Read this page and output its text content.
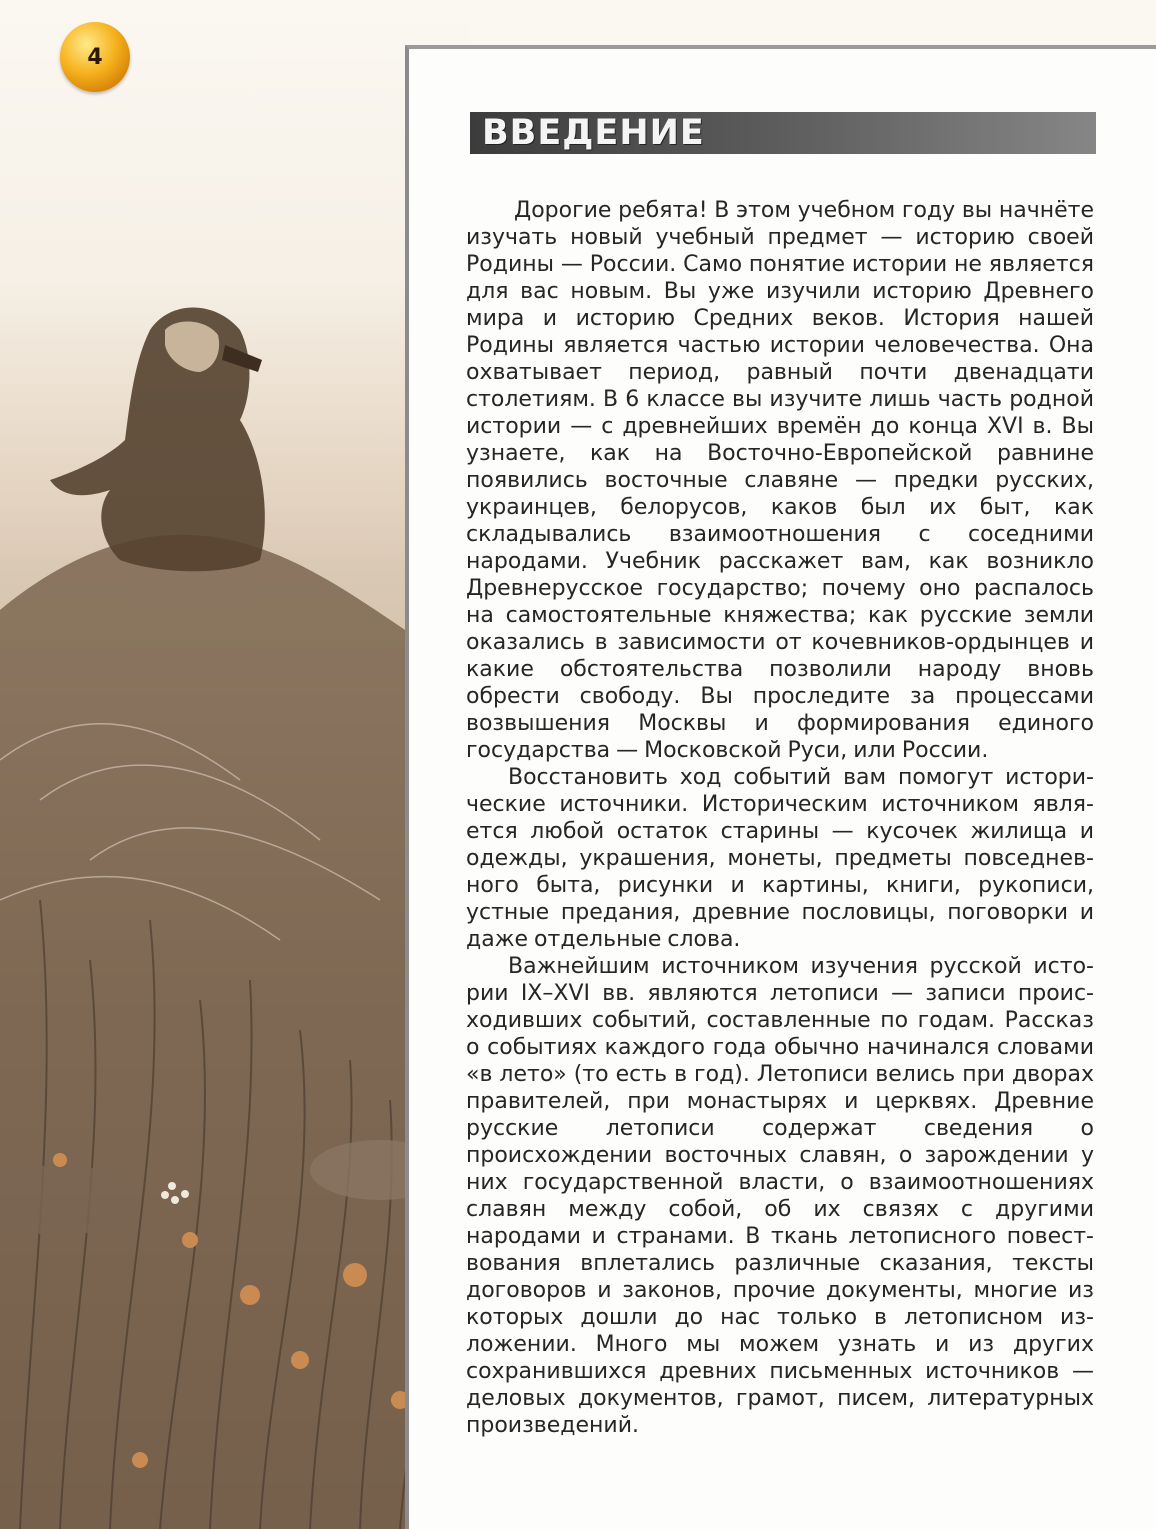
4
ВВЕДЕНИЕ

Дорогие ребята! В этом учебном году вы начнёте изучать новый учебный предмет — историю своей Родины — России. Само понятие истории не является для вас новым. Вы уже изучили историю Древнего мира и историю Средних веков. История нашей Родины является частью истории человечества. Она охватывает период, равный почти двенадцати столетиям. В 6 классе вы изучите лишь часть родной истории — с древнейших времён до конца XVI в. Вы узнаете, как на Восточно-Европейской равнине появились восточные славяне — предки русских, украинцев, белорусов, каков был их быт, как складывались взаимоотношения с соседними народами. Учебник расскажет вам, как возникло Древнерусское государство; почему оно распалось на самостоятельные княжества; как русские земли оказались в зависимости от кочевников-ордынцев и какие обстоятельства позволили народу вновь обрести свободу. Вы проследите за процессами возвышения Москвы и формирования единого государства — Московской Руси, или России.

Восстановить ход событий вам помогут исторические источники. Историческим источником является любой остаток старины — кусочек жилища и одежды, украшения, монеты, предметы повседневного быта, рисунки и картины, книги, рукописи, устные предания, древние пословицы, поговорки и даже отдельные слова.

Важнейшим источником изучения русской истории IX–XVI вв. являются летописи — записи происходивших событий, составленные по годам. Рассказ о событиях каждого года обычно начинался словами «в лето» (то есть в год). Летописи велись при дворах правителей, при монастырях и церквях. Древние русские летописи содержат сведения о происхождении восточных славян, о зарождении у них государственной власти, о взаимоотношениях славян между собой, об их связях с другими народами и странами. В ткань летописного повествования вплетались различные сказания, тексты договоров и законов, прочие документы, многие из которых дошли до нас только в летописном изложении. Много мы можем узнать и из других сохранившихся древних письменных источников — деловых документов, грамот, писем, литературных произведений.
